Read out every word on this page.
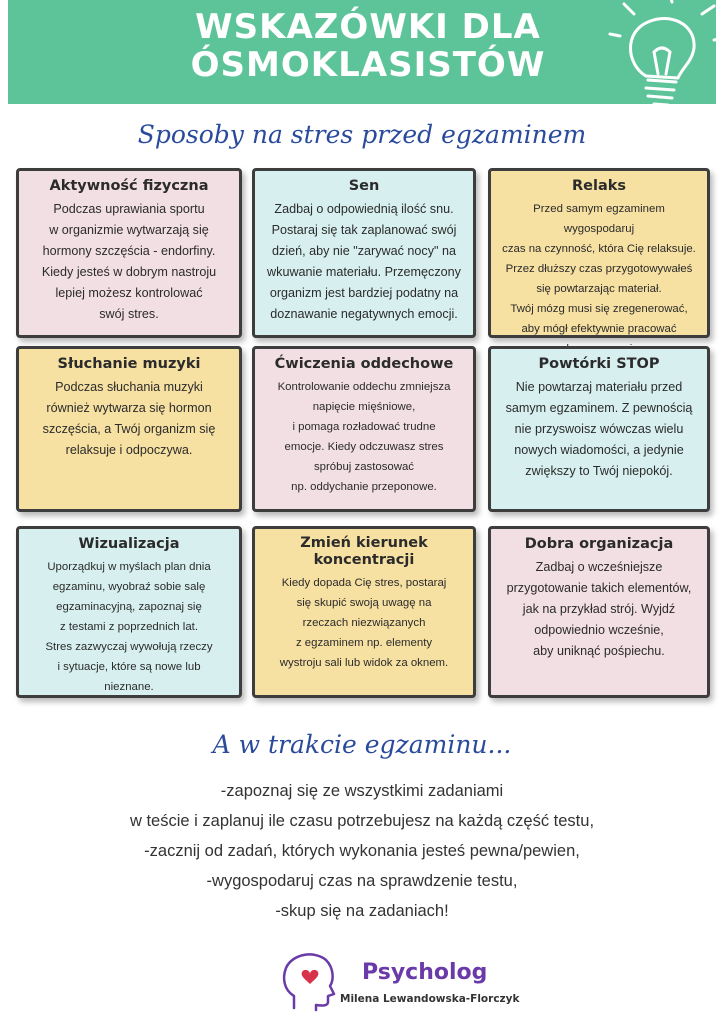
WSKAZÓWKI DLA
ÓSMOKLASISTÓW
Sposoby na stres przed egzaminem
Aktywność fizyczna
Podczas uprawiania sportu
w organizmie wytwarzają się
hormony szczęścia - endorfiny.
Kiedy jesteś w dobrym nastroju
lepiej możesz kontrolować
swój stres.
Sen
Zadbaj o odpowiednią ilość snu.
Postaraj się tak zaplanować swój
dzień, aby nie "zarywać nocy" na
wkuwanie materiału. Przemęczony
organizm jest bardziej podatny na
doznawanie negatywnych emocji.
Relaks
Przed samym egzaminem wygospodaruj
czas na czynność, która Cię relaksuje.
Przez dłuższy czas przygotowywałeś
się powtarzając materiał.
Twój mózg musi się zregenerować,
aby mógł efektywnie pracować

Słuchanie muzyki
Podczas słuchania muzyki
również wytwarza się hormon
szczęścia, a Twój organizm się
relaksuje i odpoczywa.
Ćwiczenia oddechowe
Kontrolowanie oddechu zmniejsza
napięcie mięśniowe,
i pomaga rozładować trudne
emocje. Kiedy odczuwasz stres
spróbuj zastosować
np. oddychanie przeponowe.
Powtórki STOP
Nie powtarzaj materiału przed
samym egzaminem. Z pewnością
nie przyswoisz wówczas wielu
nowych wiadomości, a jedynie
zwiększy to Twój niepokój.
Wizualizacja
Uporządkuj w myślach plan dnia
egzaminu, wyobraź sobie salę
egzaminacyjną, zapoznaj się
z testami z poprzednich lat.
Stres zazwyczaj wywołują rzeczy
i sytuacje, które są nowe lub
nieznane.
Zmień kierunek
koncentracji
Kiedy dopada Cię stres, postaraj
się skupić swoją uwagę na
rzeczach niezwiązanych
z egzaminem np. elementy
wystroju sali lub widok za oknem.
Dobra organizacja
Zadbaj o wcześniejsze
przygotowanie takich elementów,
jak na przykład strój. Wyjdź
odpowiednio wcześnie,
aby uniknąć pośpiechu.
A w trakcie egzaminu...
-zapoznaj się ze wszystkimi zadaniami
w teście i zaplanuj ile czasu potrzebujesz na każdą część testu,
-zacznij od zadań, których wykonania jesteś pewna/pewien,
-wygospodaruj czas na sprawdzenie testu,
-skup się na zadaniach!
Psycholog
Milena Lewandowska-Florczyk
